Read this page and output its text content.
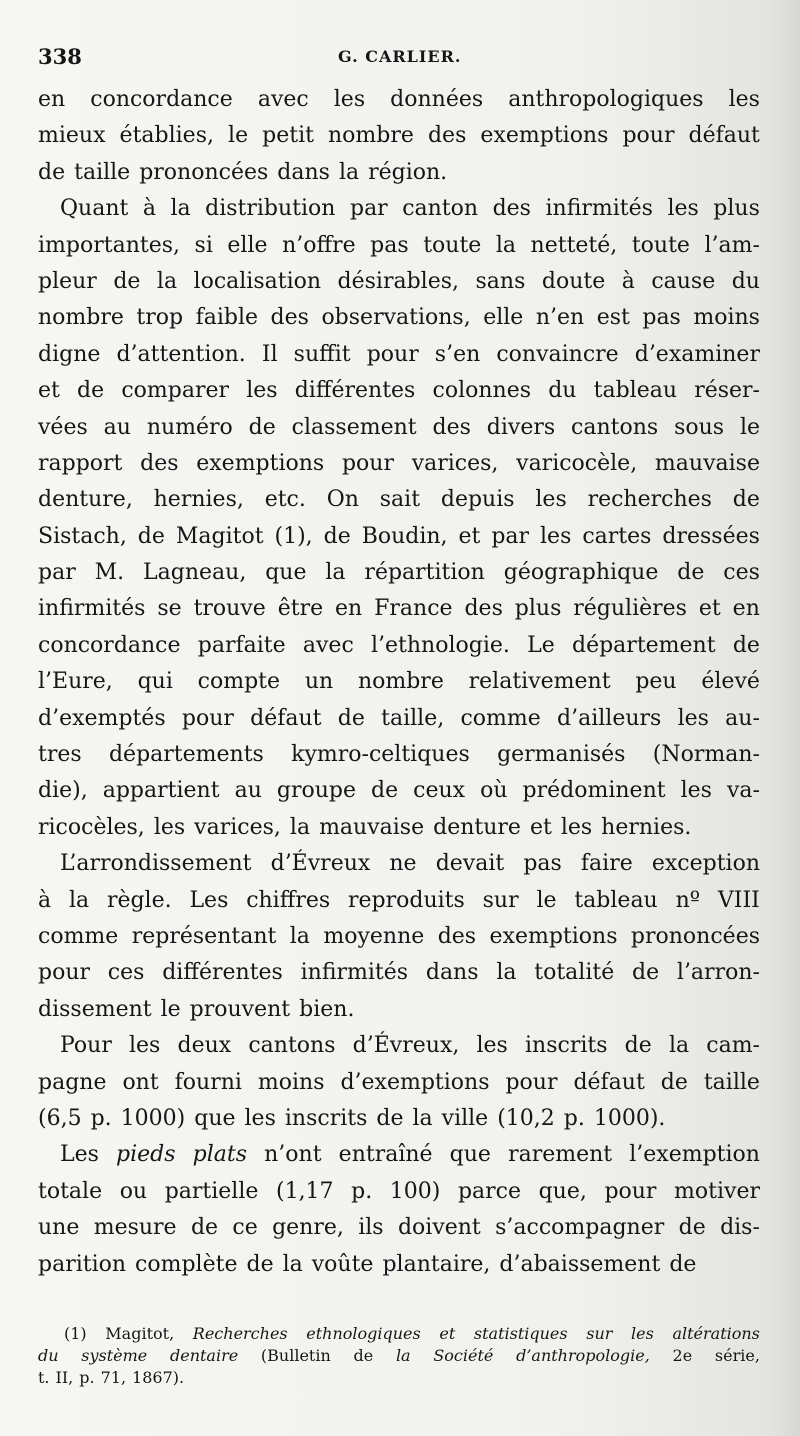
338	G. CARLIER.
en concordance avec les données anthropologiques les
mieux établies, le petit nombre des exemptions pour défaut
de taille prononcées dans la région.
Quant à la distribution par canton des infirmités les plus
importantes, si elle n’offre pas toute la netteté, toute l’am-
pleur de la localisation désirables, sans doute à cause du
nombre trop faible des observations, elle n’en est pas moins
digne d’attention. Il suffit pour s’en convaincre d’examiner
et de comparer les différentes colonnes du tableau réser-
vées au numéro de classement des divers cantons sous le
rapport des exemptions pour varices, varicocèle, mauvaise
denture, hernies, etc. On sait depuis les recherches de
Sistach, de Magitot (1), de Boudin, et par les cartes dressées
par M. Lagneau, que la répartition géographique de ces
infirmités se trouve être en France des plus régulières et en
concordance parfaite avec l’ethnologie. Le département de
l’Eure, qui compte un nombre relativement peu élevé
d’exemptés pour défaut de taille, comme d’ailleurs les au-
tres départements kymro-celtiques germanisés (Norman-
die), appartient au groupe de ceux où prédominent les va-
ricocèles, les varices, la mauvaise denture et les hernies.
L’arrondissement d’Évreux ne devait pas faire exception
à la règle. Les chiffres reproduits sur le tableau nº VIII
comme représentant la moyenne des exemptions prononcées
pour ces différentes infirmités dans la totalité de l’arron-
dissement le prouvent bien.
Pour les deux cantons d’Évreux, les inscrits de la cam-
pagne ont fourni moins d’exemptions pour défaut de taille
(6,5 p. 1000) que les inscrits de la ville (10,2 p. 1000).
Les pieds plats n’ont entraîné que rarement l’exemption
totale ou partielle (1,17 p. 100) parce que, pour motiver
une mesure de ce genre, ils doivent s’accompagner de dis-
parition complète de la voûte plantaire, d’abaissement de
(1) Magitot, Recherches ethnologiques et statistiques sur les altérations
du système dentaire (Bulletin de la Société d’anthropologie, 2e série,
t. II, p. 71, 1867).
